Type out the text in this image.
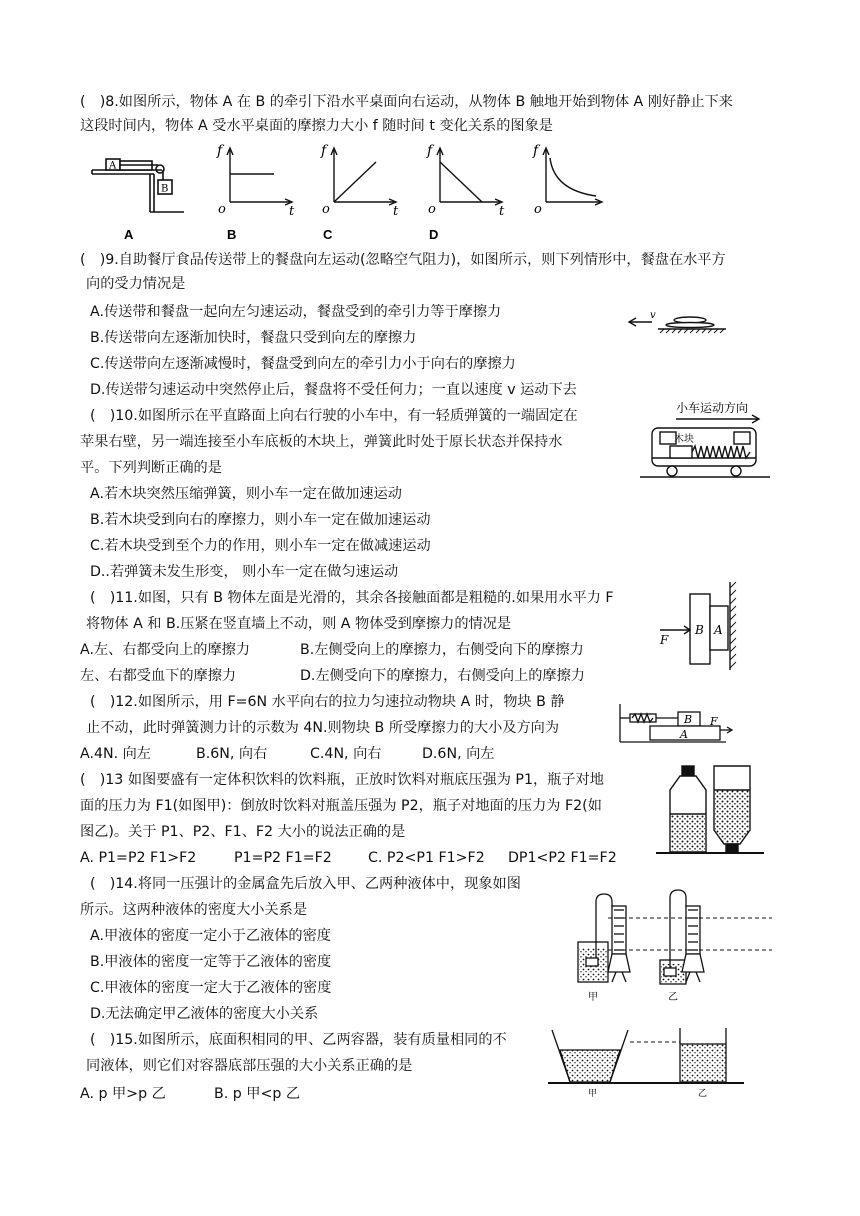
(　)8.如图所示，物体 A 在 B 的牵引下沿水平桌面向右运动，从物体 B 触地开始到物体 A 刚好静止下来
这段时间内，物体 A 受水平桌面的摩擦力大小 f 随时间 t 变化关系的图象是
A
B
f
o	t
f
o	t
f
o	t
f
o
A	B	C	D
(　)9.自助餐厅食品传送带上的餐盘向左运动(忽略空气阻力)，如图所示，则下列情形中，餐盘在水平方
向的受力情况是
A.传送带和餐盘一起向左匀速运动，餐盘受到的牵引力等于摩擦力
B.传送带向左逐渐加快时，餐盘只受到向左的摩擦力
C.传送带向左逐渐减慢时，餐盘受到向左的牵引力小于向右的摩擦力
D.传送带匀速运动中突然停止后，餐盘将不受任何力；一直以速度 v 运动下去
v
(　)10.如图所示在平直路面上向右行驶的小车中，有一轻质弹簧的一端固定在
苹果右壁，另一端连接至小车底板的木块上，弹簧此时处于原长状态并保持水
平。下列判断正确的是
A.若木块突然压缩弹簧，则小车一定在做加速运动
B.若木块受到向右的摩擦力，则小车一定在做加速运动
C.若木块受到至个力的作用，则小车一定在做减速运动
D..若弹簧未发生形变， 则小车一定在做匀速运动
小车运动方向
木块
(　)11.如图，只有 B 物体左面是光滑的，其余各接触面都是粗糙的.如果用水平力 F
将物体 A 和 B.压紧在竖直墙上不动，则 A 物体受到摩擦力的情况是
A.左、右都受向上的摩擦力	B.左侧受向上的摩擦力，右侧受向下的摩擦力
左、右都受血下的摩擦力	D.左侧受向下的摩擦力，右侧受向上的摩擦力
F
B A
(　)12.如图所示，用 F=6N 水平向右的拉力匀速拉动物块 A 时，物块 B 静
止不动，此时弹簧测力计的示数为 4N.则物块 B 所受摩擦力的大小及方向为
A.4N. 向左	B.6N, 向右	C.4N, 向右	D.6N, 向左
B
A
F
(　)13 如图要盛有一定体积饮料的饮料瓶，正放时饮料对瓶底压强为 P1，瓶子对地
面的压力为 F1(如图甲)：倒放时饮料对瓶盖压强为 P2，瓶子对地面的压力为 F2(如
图乙)。关于 P1、P2、F1、F2 大小的说法正确的是
A. P1=P2 F1>F2	P1=P2 F1=F2	C. P2<P1 F1>F2 DP1<P2 F1=F2
(　)14.将同一压强计的金属盒先后放入甲、乙两种液体中，现象如图
所示。这两种液体的密度大小关系是
A.甲液体的密度一定小于乙液体的密度
B.甲液体的密度一定等于乙液体的密度
C.甲液体的密度一定大于乙液体的密度
D.无法确定甲乙液体的密度大小关系
甲	乙
(　)15.如图所示，底面积相同的甲、乙两容器，装有质量相同的不
同液体，则它们对容器底部压强的大小关系正确的是
A. p 甲>p 乙	B. p 甲<p 乙	甲	乙
